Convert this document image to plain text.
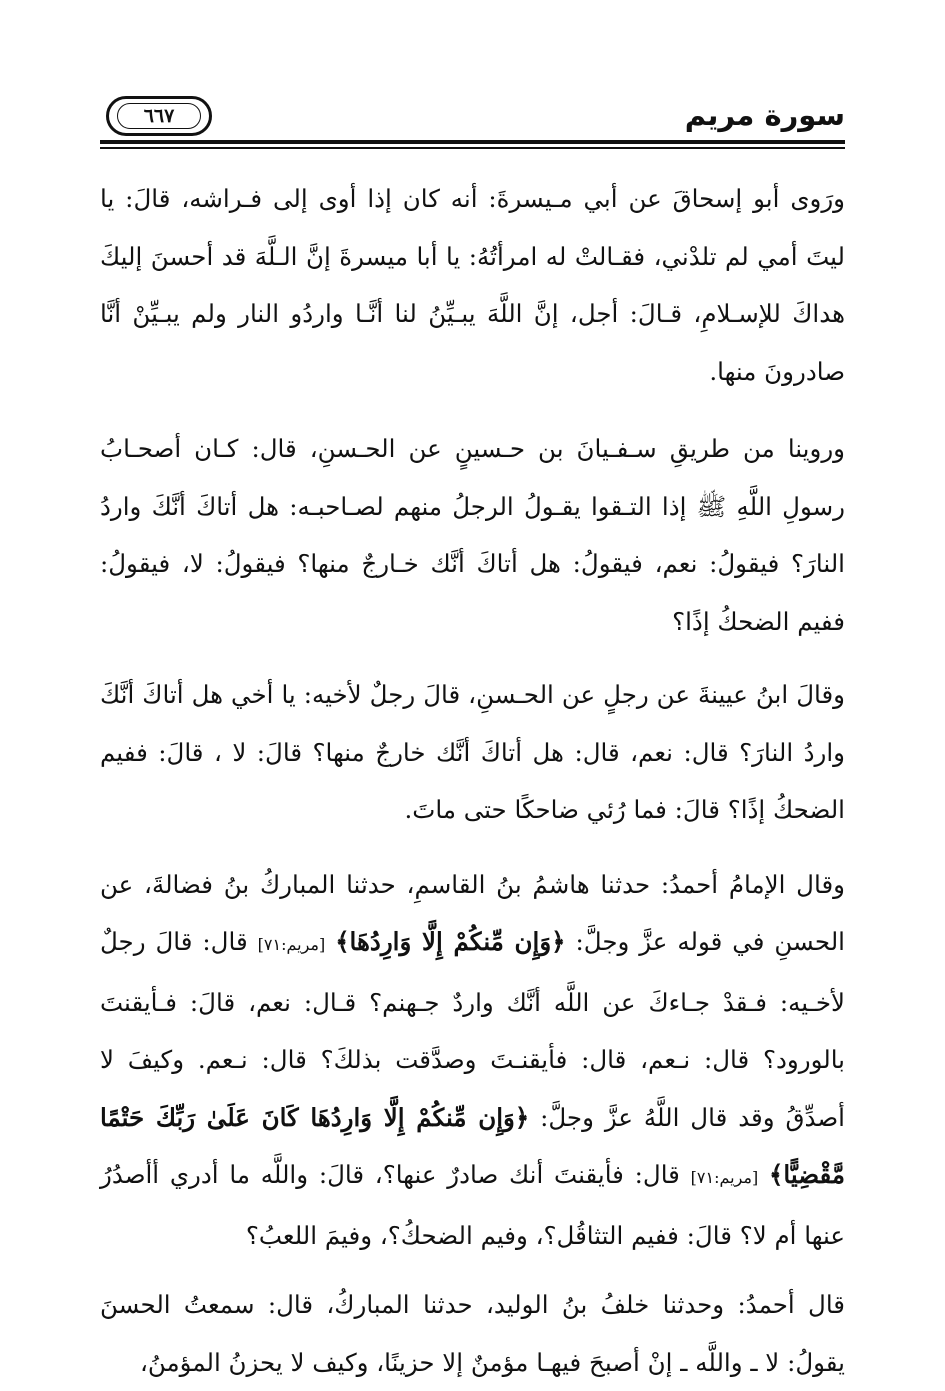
سورة مريم
٦٦٧

ورَوى أبو إسحاقَ عن أبي مـيسرةَ: أنه كان إذا أوى إلى فـراشه، قالَ: يا ليتَ أمي لم تلدْني، فقـالتْ له امرأتُهُ: يا أبا ميسرةَ إنَّ الـلَّهَ قد أحسنَ إليكَ هداكَ للإسـلامِ، قـالَ: أجل، إنَّ اللَّهَ يبـيِّنُ لنا أنَّـا واردُو النار ولم يبـيِّنْ أنَّا صادرونَ منها.

وروينا من طريقِ سـفـيانَ بن حـسينٍ عن الحـسنِ، قال: كـان أصحـابُ رسولِ اللَّهِ ﷺ إذا التـقوا يقـولُ الرجلُ منهم لصـاحبـه: هل أتاكَ أنَّكَ واردُ النارَ؟ فيقولُ: نعم، فيقولُ: هل أتاكَ أنَّك خـارجٌ منها؟ فيقولُ: لا، فيقولُ: ففيم الضحكُ إذًا؟

وقالَ ابنُ عيينةَ عن رجلٍ عن الحـسنِ، قالَ رجلٌ لأخيه: يا أخي هل أتاكَ أنَّكَ واردُ النارَ؟ قال: نعم، قال: هل أتاكَ أنَّك خارجٌ منها؟ قالَ: لا ، قالَ: ففيم الضحكُ إذًا؟ قالَ: فما رُئي ضاحكًا حتى ماتَ.

وقال الإمامُ أحمدُ: حدثنا هاشمُ بنُ القاسمِ، حدثنا المباركُ بنُ فضالةَ، عن الحسنِ في قوله عزَّ وجلَّ: ﴿وَإِن مِّنكُمْ إِلَّا وَارِدُهَا﴾ [مريم:٧١] قال: قالَ رجلٌ لأخـيه: فـقدْ جـاءكَ عن اللَّه أنَّك واردٌ جـهنم؟ قـال: نعم، قالَ: فـأيقنتَ بالورود؟ قال: نـعم، قال: فأيقنـتَ وصدَّقت بذلكَ؟ قال: نـعم. وكيفَ لا أصدِّقُ وقد قال اللَّهُ عزَّ وجلَّ: ﴿وَإِن مِّنكُمْ إِلَّا وَارِدُهَا كَانَ عَلَىٰ رَبِّكَ حَتْمًا مَّقْضِيًّا﴾ [مريم:٧١] قال: فأيقنتَ أنك صادرٌ عنها؟، قالَ: واللَّه ما أدري أأصدُرُ عنها أم لا؟ قالَ: ففيم التثاقُل؟، وفيم الضحكُ؟، وفيمَ اللعبُ؟

قال أحمدُ: وحدثنا خلفُ بنُ الوليد، حدثنا المباركُ، قال: سمعتُ الحسنَ يقولُ: لا ـ واللَّه ـ إنْ أصبحَ فيهـا مؤمنٌ إلا حزينًا، وكيف لا يحزنُ المؤمنُ،
